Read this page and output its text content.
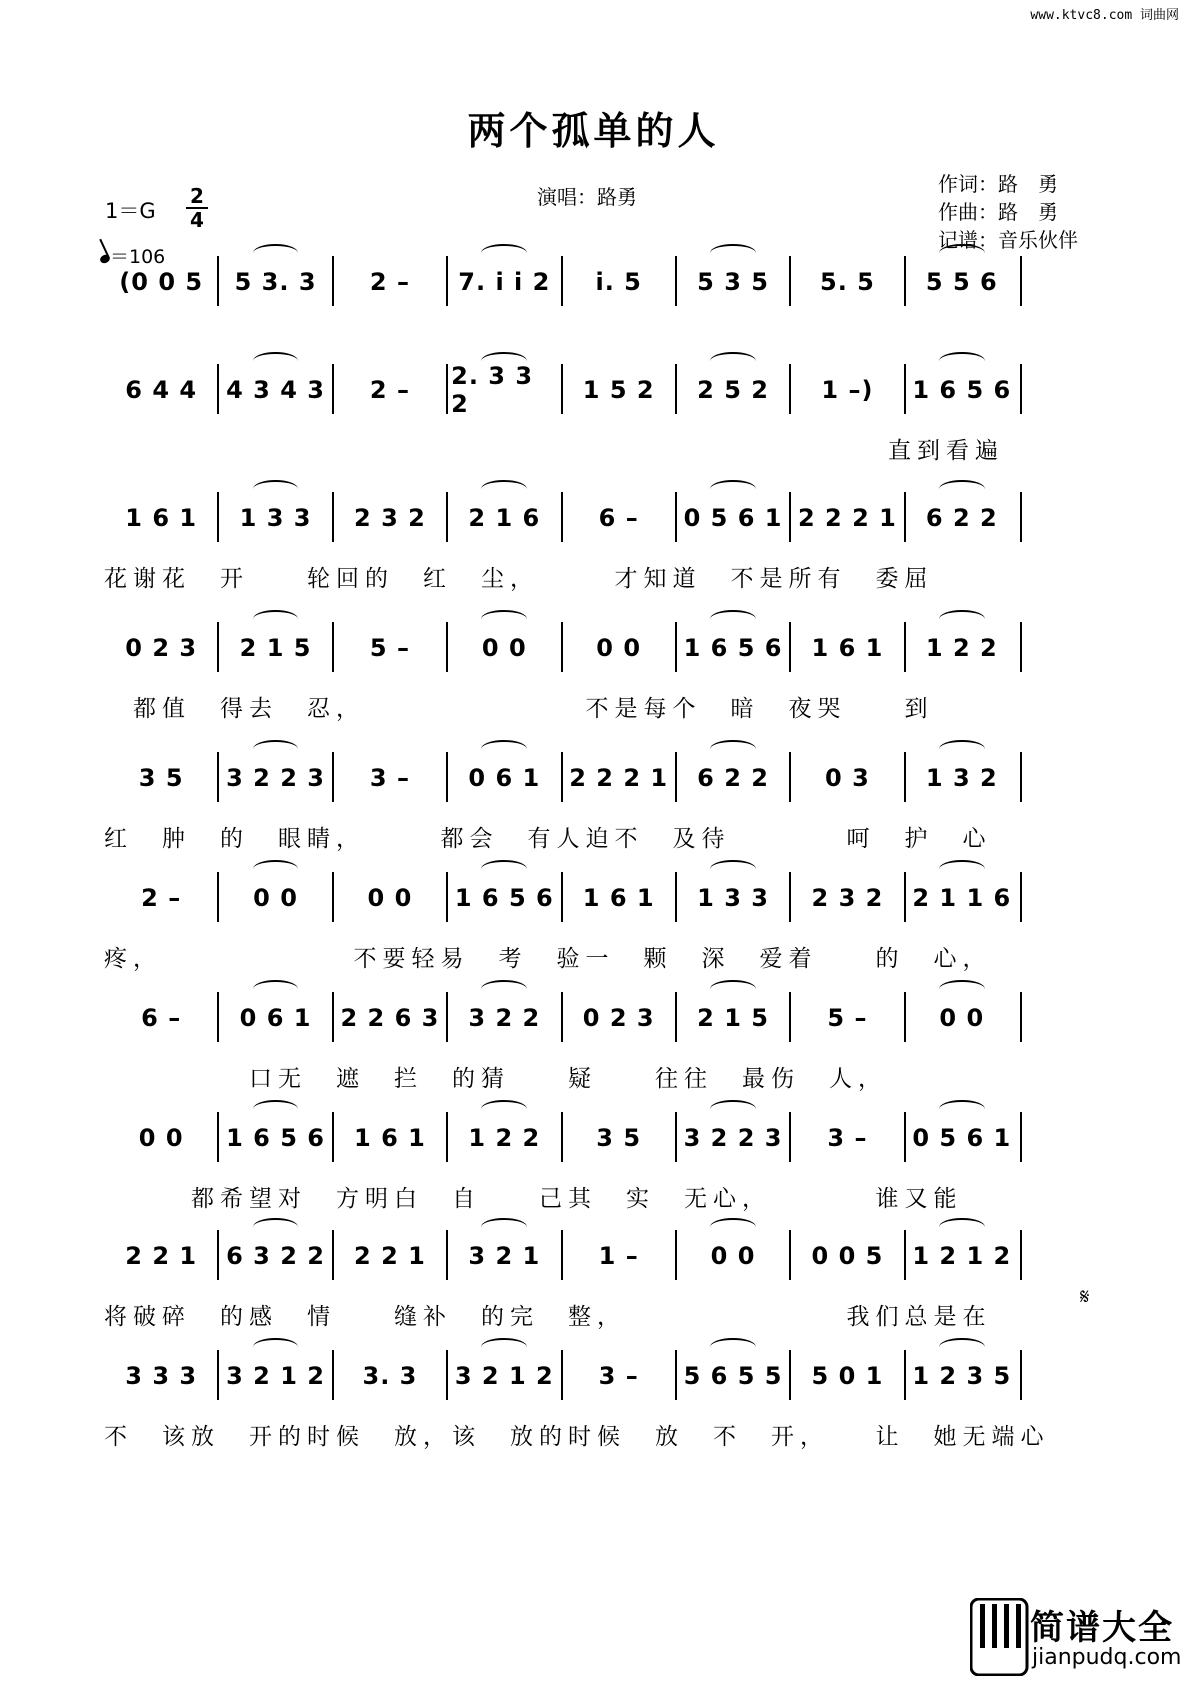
www.ktvc8.com 词曲网
两个孤单的人
1＝G
2
4
＝106
演唱：路勇
作词：路　勇
作曲：路　勇
记谱：音乐伙伴
(0 0 5 5 3. 3 2 – 7. i i 2 i. 5 5 3 5 5. 5 5 5 6
6 4 4 4 3 4 3 2 – 2. 3 3 2	1 5 2 2 5 2 1 –) 1 6 5 6
直到看遍
1 6 1 1 3 3 2 3 2 2 1 6 6 – 0 5 6 1 2 2 2 1 6 2 2
花谢花　开　　轮回的　红　尘，　　　才知道　不是所有　委屈
0 2 3 2 1 5 5 –	0 0	0 0 1 6 5 6 1 6 1 1 2 2
　都值　得去　忍，　　　　　　　　不是每个　暗　夜哭　　到
3 5 3 2 2 3 3 – 0 6 1 2 2 2 1 6 2 2 0 3 1 3 2
红　肿　的　眼睛，　　　都会　有人迫不　及待　　　　呵　护　心
2 –	0 0	0 0 1 6 5 6 1 6 1 1 3 3 2 3 2 2 1 1 6
疼，　　　　　　　不要轻易　考　验一　颗　深　爱着　　的　心，
6 – 0 6 1 2 2 6 3 3 2 2 0 2 3 2 1 5 5 –	0 0
　　　　　口无　遮　拦　的猜　　疑　　往往　最伤　人，
0 0 1 6 5 6 1 6 1 1 2 2 3 5 3 2 2 3 3 – 0 5 6 1
　　　都希望对　方明白　自　　己其　实　无心，　　　　谁又能
2 2 1 6 3 2 2 2 2 1 3 2 1 1 –	0 0 0 0 5 1 2 1 2
将破碎　的感　情　　缝补　的完　整，　　　　　　　　我们总是在
3 3 3 3 2 1 2 3. 3 3 2 1 2 3 – 5 6 5 5 5 0 1 1 2 3 5
不　该放　开的时候　放，该　放的时候　放　不　开，　　让　她无端心
𝄋
简谱大全
jianpudq.com
